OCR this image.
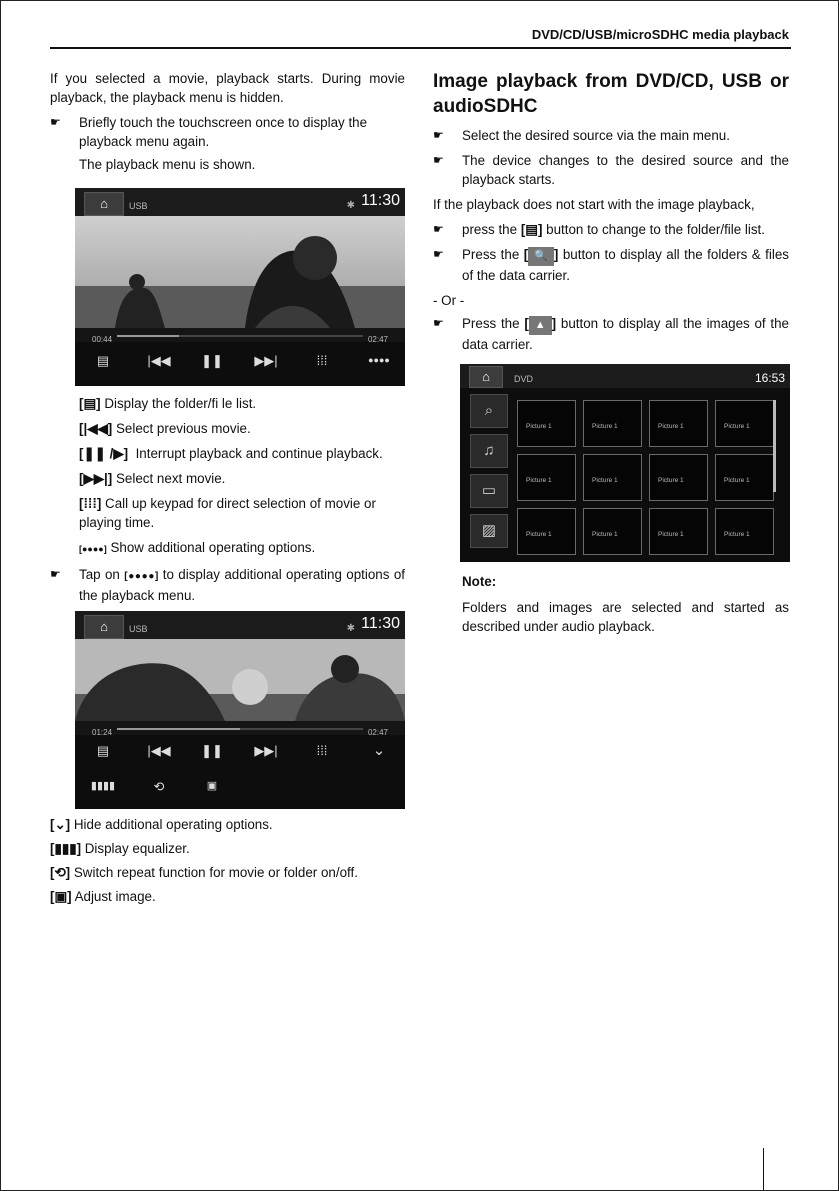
DVD/CD/USB/microSDHC media playback

If you selected a movie, playback starts. During movie playback, the playback menu is hidden.

☛ Briefly touch the touchscreen once to display the playback menu again.

The playback menu is shown.

⌂	USB	✱ 11:30
00:44	02:47
▤	|◀◀ ❚❚ ▶▶|	⁞⁞⁞	●●●●
[▤] Display the folder/fi le list.
[|◀◀] Select previous movie.
[❚❚ /▶] Interrupt playback and continue playback.
[▶▶|] Select next movie.
[⁞⁞⁞] Call up keypad for direct selection of movie or playing time.
[●●●●] Show additional operating options.
☛ Tap on [●●●●] to display additional operating options of the playback menu.
⌂	USB	✱ 11:30
01:24	02:47
▤	|◀◀ ❚❚ ▶▶|	⁞⁞⁞	⌄
▮▮▮▮	⟲	▣
[⌄] Hide additional operating options.
[▮▮▮] Display equalizer.
[⟲] Switch repeat function for movie or folder on/off.
[▣] Adjust image.
Image playback from DVD/CD, USB or audioSDHC
☛ Select the desired source via the main menu.
☛ The device changes to the desired source and the playback starts.

If the playback does not start with the image playback,

☛ press the [▤] button to change to the folder/file list.
☛ Press the [ 🔍 ] button to display all the folders & files of the data carrier.

- Or -

☛ Press the [ ▲ ] button to display all the images of the data carrier.
⌂	DVD	16:53
⌕
♫
▭
▨
Picture 1	Picture 1	Picture 1	Picture 1
Picture 1	Picture 1	Picture 1	Picture 1
Picture 1	Picture 1	Picture 1	Picture 1

Note:

Folders and images are selected and started as described under audio playback.
